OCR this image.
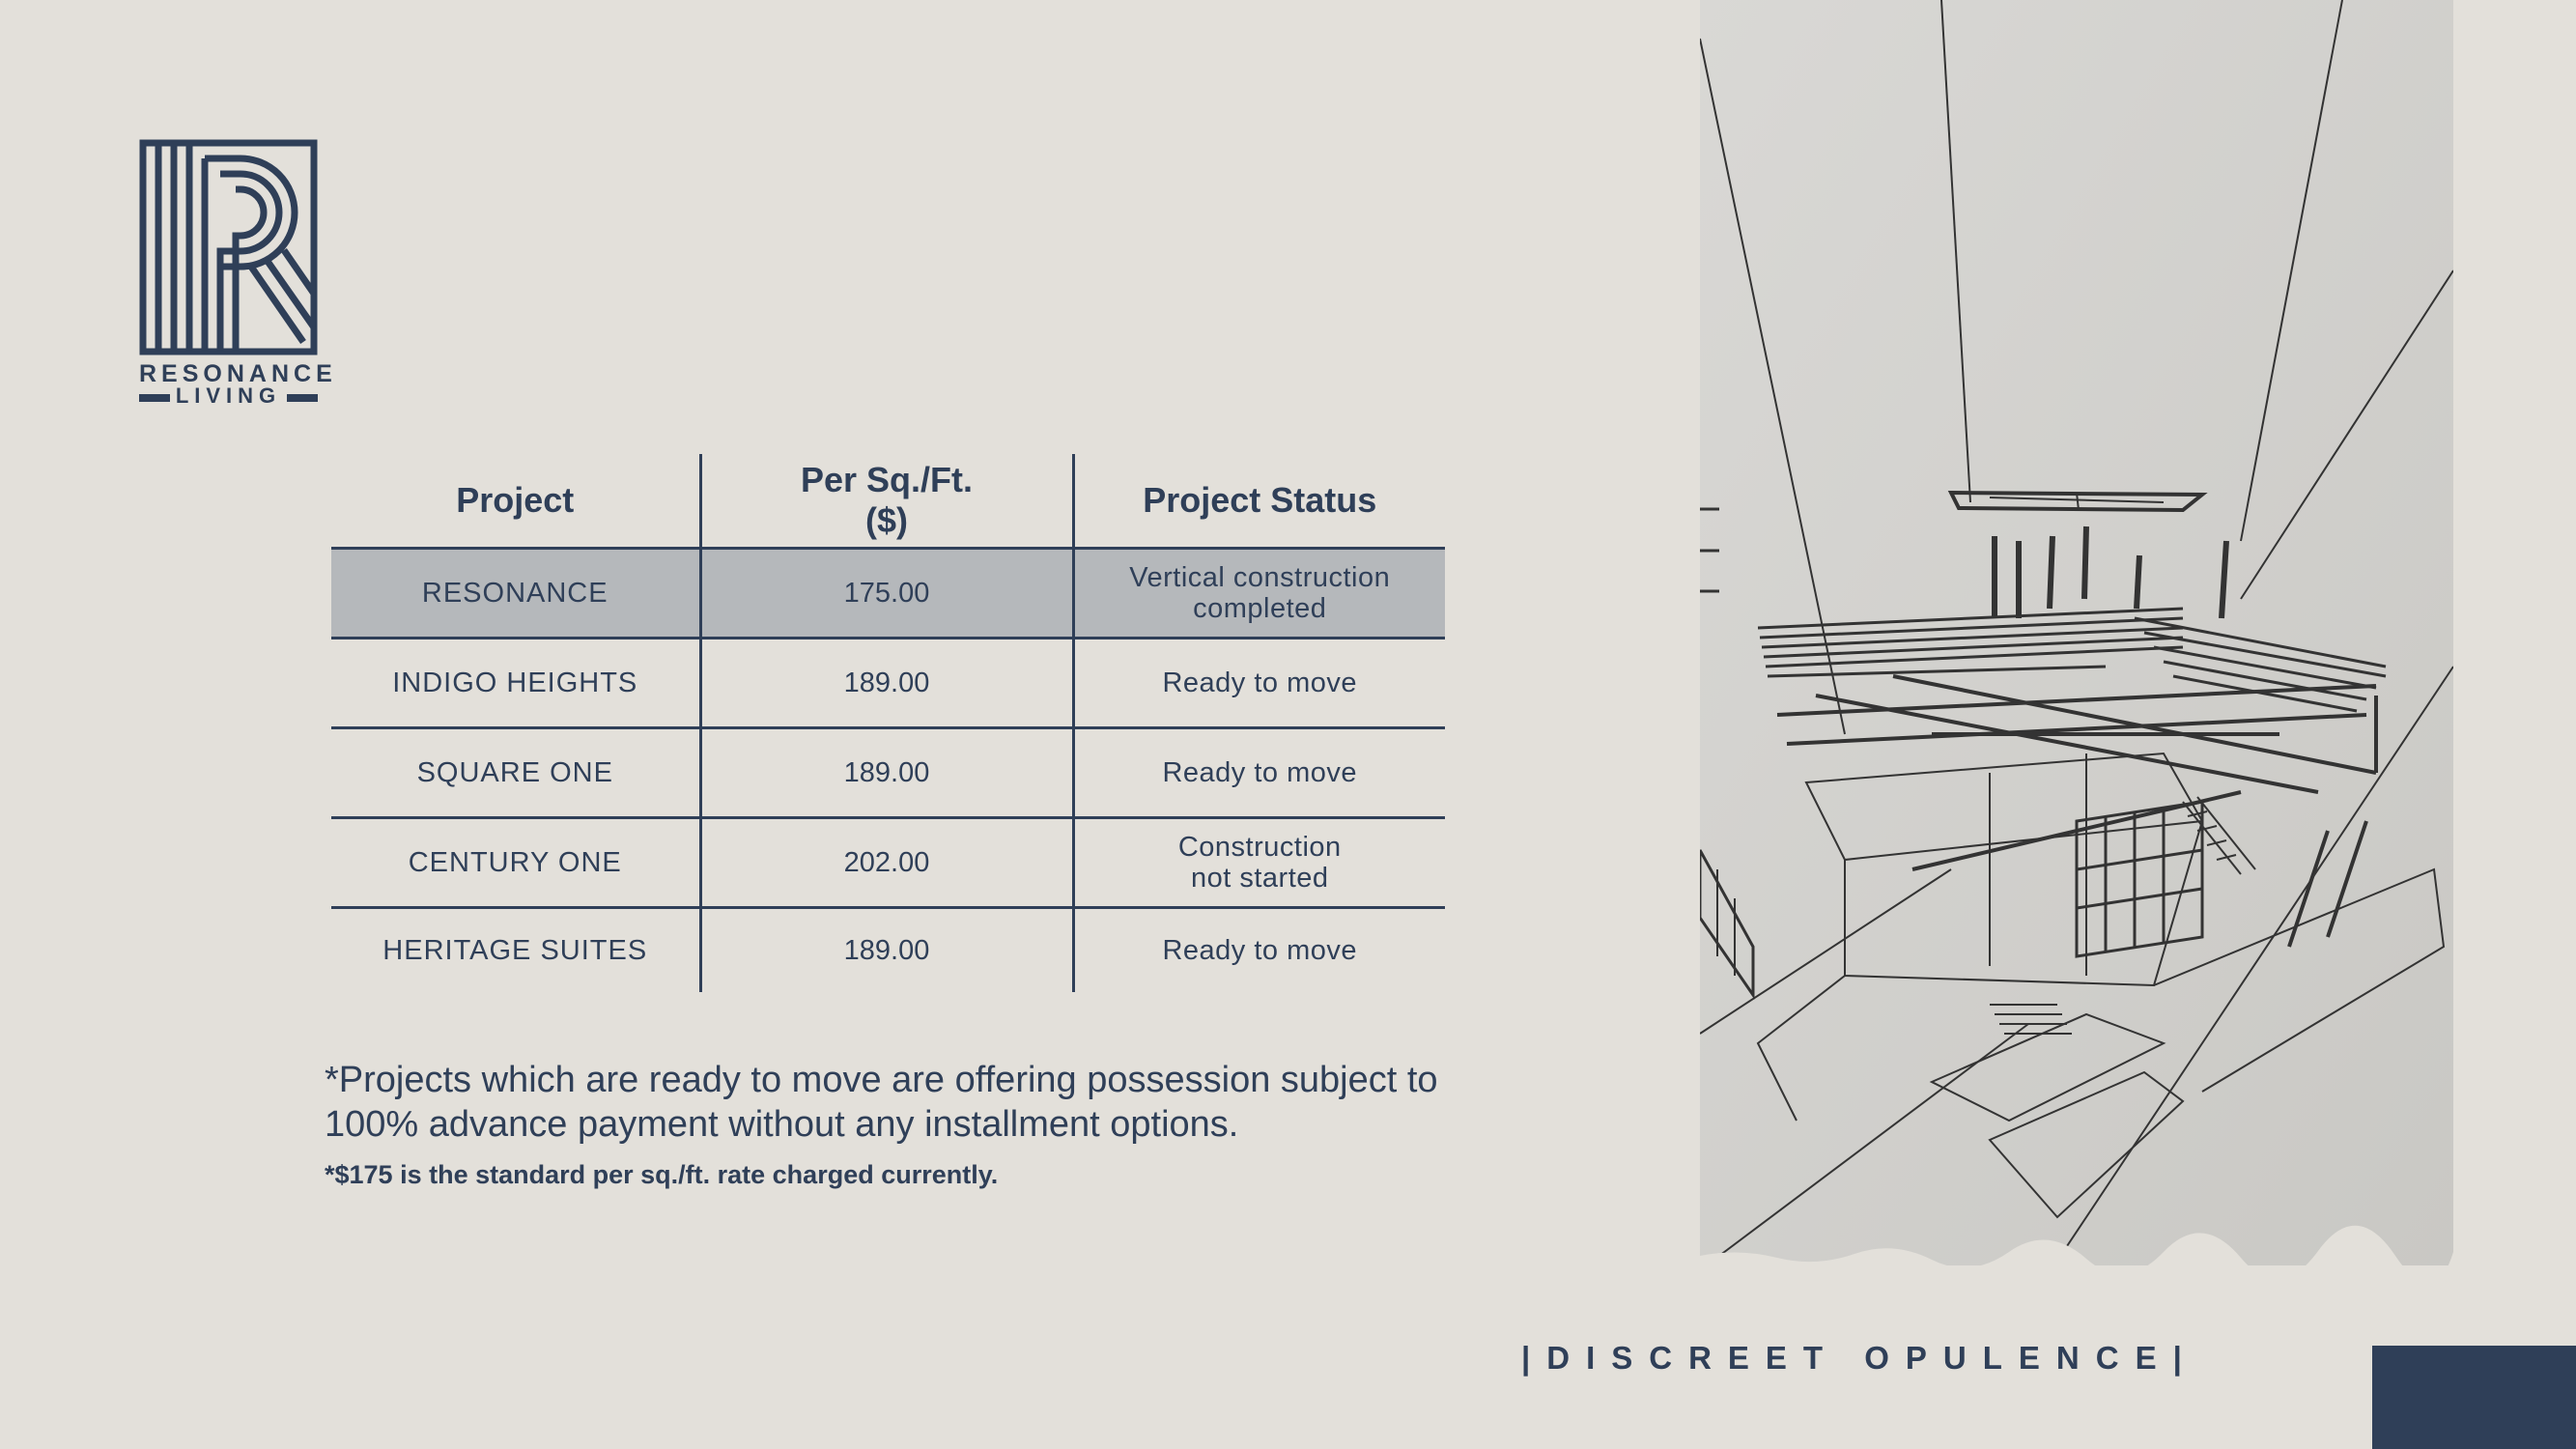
RESONANCE
LIVING
Project	Per Sq./Ft. ($)	Project Status
RESONANCE	175.00	Vertical construction completed
INDIGO HEIGHTS	189.00	Ready to move
SQUARE ONE	189.00	Ready to move
CENTURY ONE	202.00	Construction not started
HERITAGE SUITES	189.00	Ready to move
*Projects which are ready to move are offering possession subject to 100% advance payment without any installment options.
*$175 is the standard per sq./ft. rate charged currently.
|DISCREET OPULENCE|
